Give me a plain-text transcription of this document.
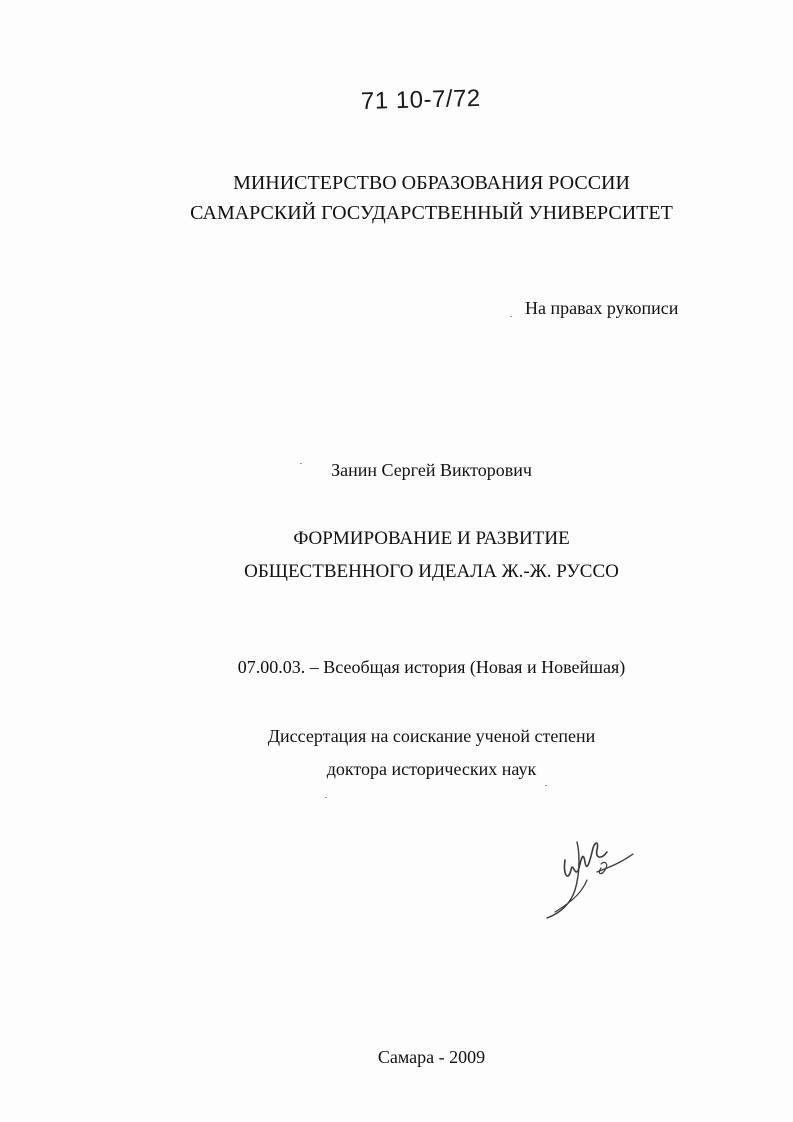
71 10-7/72
МИНИСТЕРСТВО ОБРАЗОВАНИЯ РОССИИ
САМАРСКИЙ ГОСУДАРСТВЕННЫЙ УНИВЕРСИТЕТ
На правах рукописи
Занин Сергей Викторович
ФОРМИРОВАНИЕ И РАЗВИТИЕ
ОБЩЕСТВЕННОГО ИДЕАЛА Ж.-Ж. РУССО
07.00.03. – Всеобщая история (Новая и Новейшая)
Диссертация на соискание ученой степени
доктора исторических наук
Самара - 2009
